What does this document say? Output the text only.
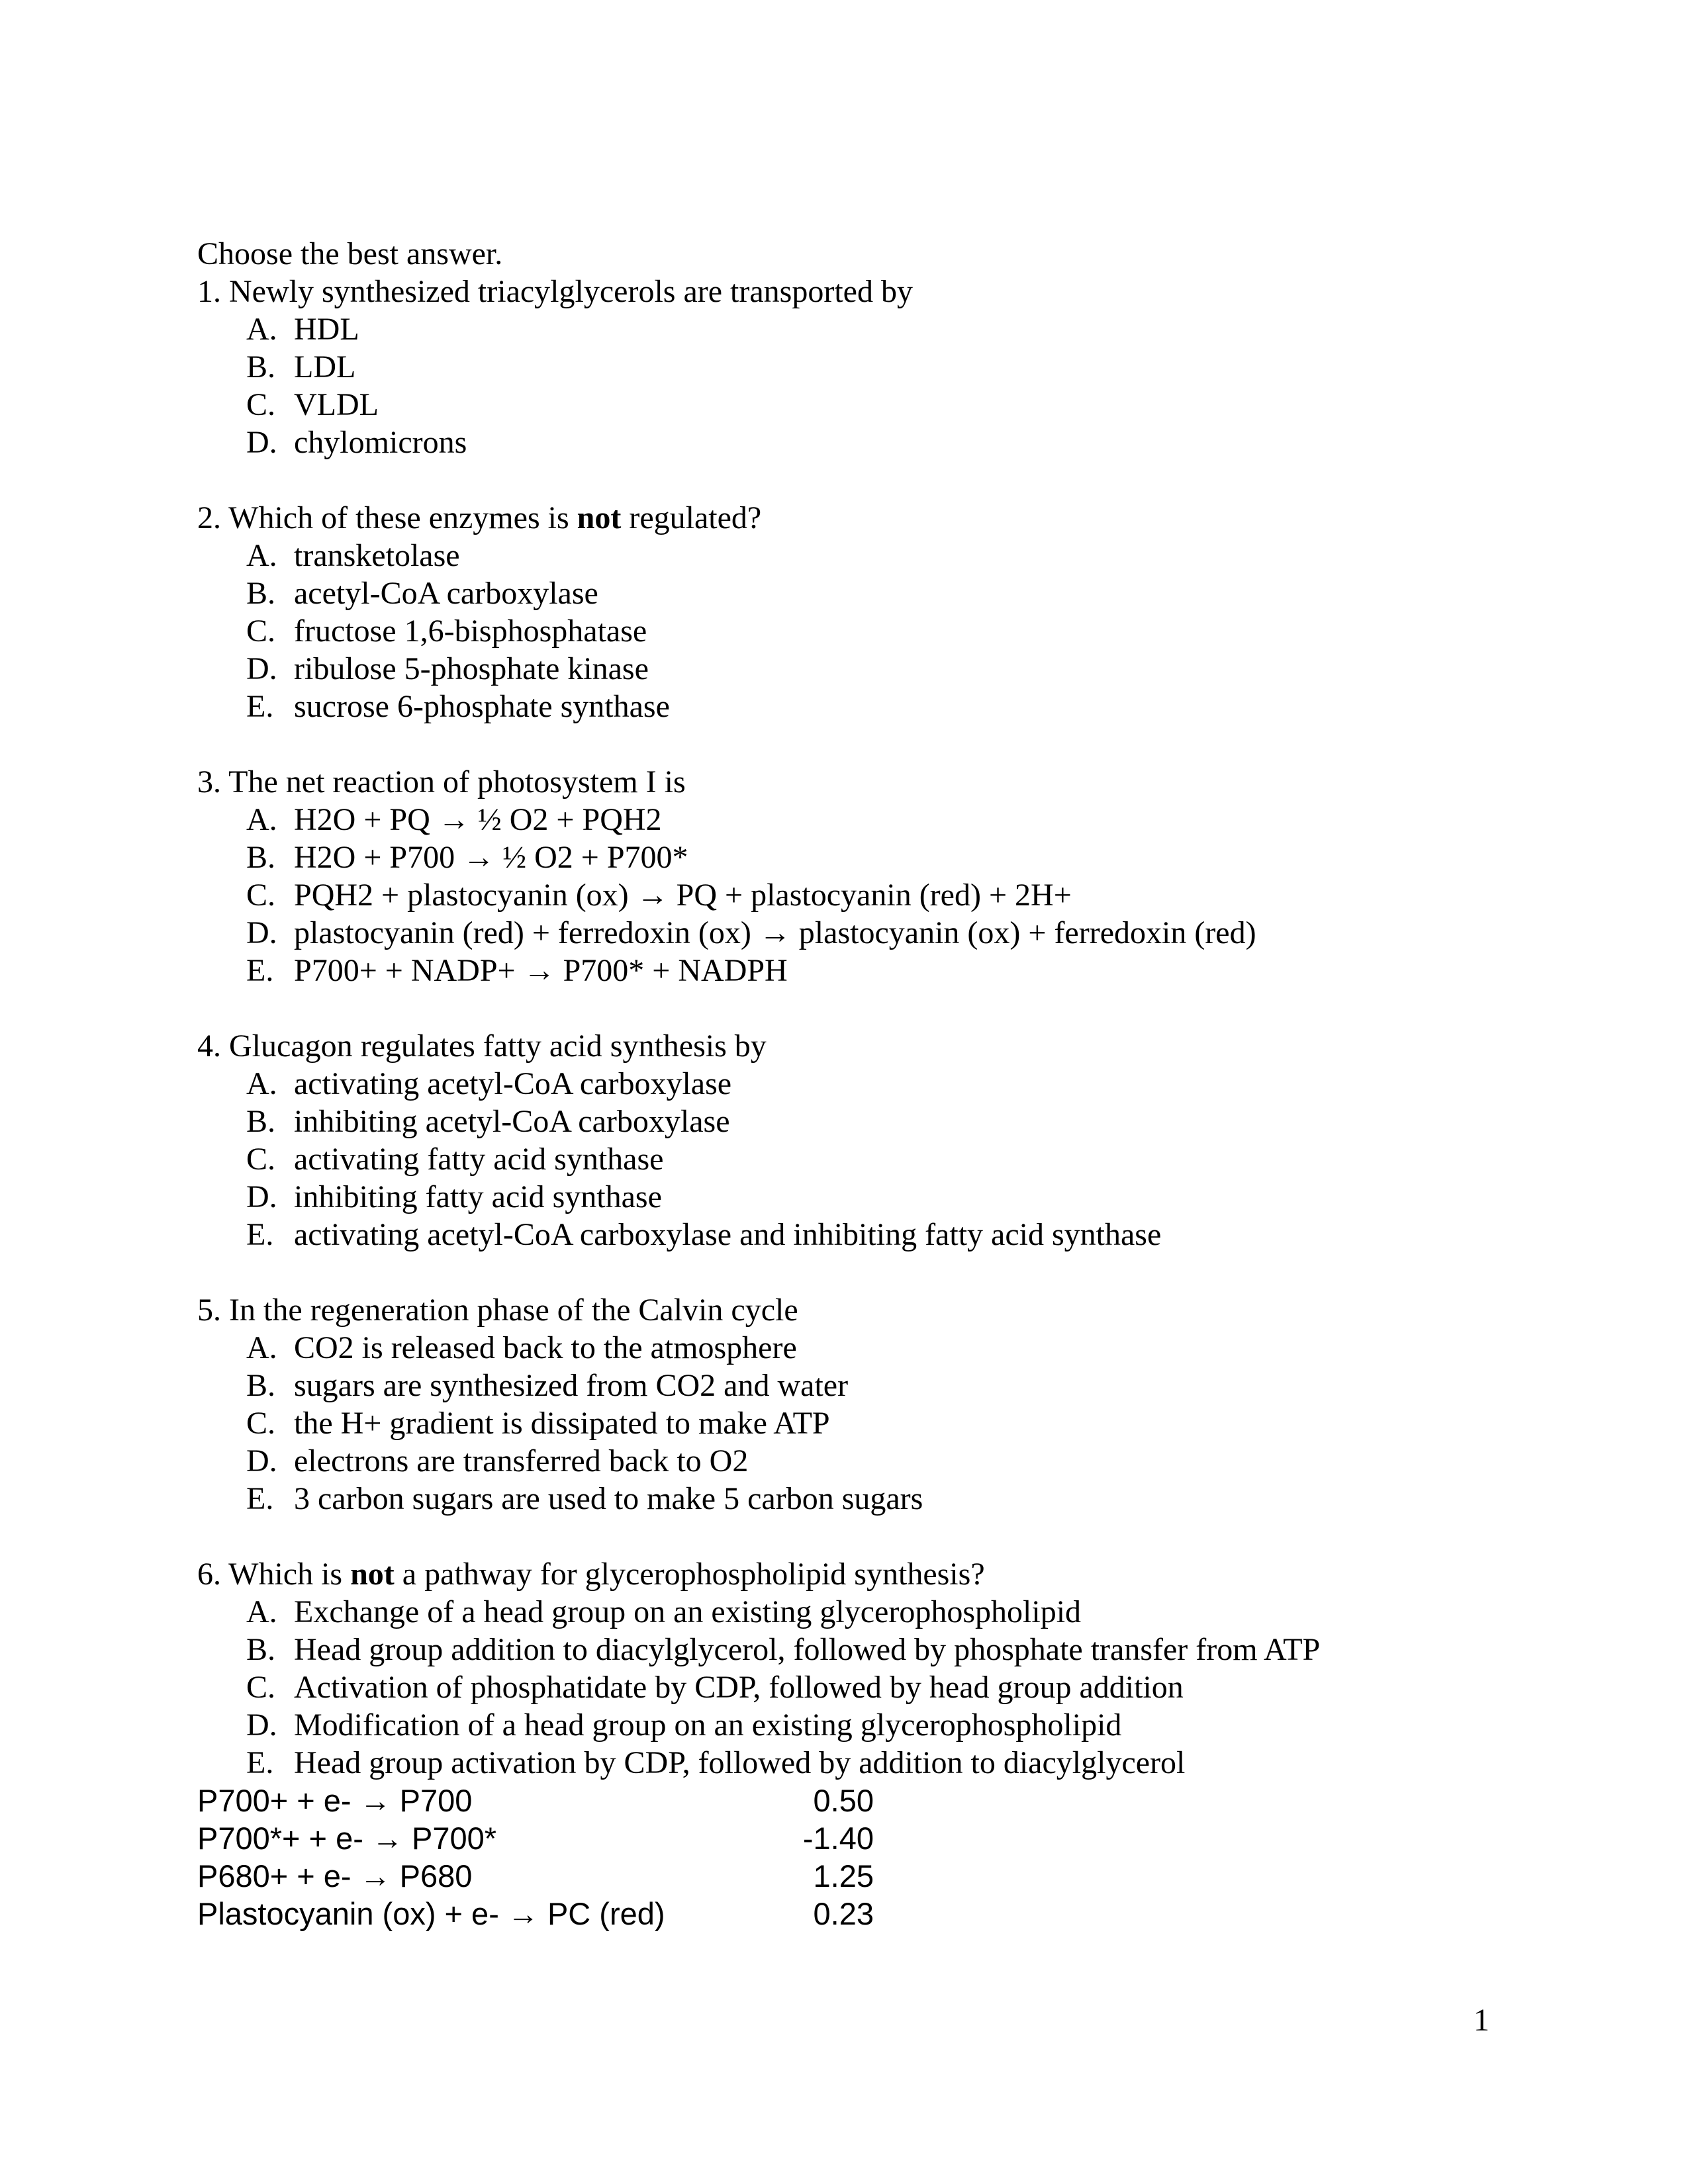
Choose the best answer.
1. Newly synthesized triacylglycerols are transported by
A. HDL
B. LDL
C. VLDL
D. chylomicrons
2. Which of these enzymes is not regulated?
A. transketolase
B. acetyl-CoA carboxylase
C. fructose 1,6-bisphosphatase
D. ribulose 5-phosphate kinase
E. sucrose 6-phosphate synthase
3. The net reaction of photosystem I is
A. H2O + PQ → ½ O2 + PQH2
B. H2O + P700 → ½ O2 + P700*
C. PQH2 + plastocyanin (ox) → PQ + plastocyanin (red) + 2H+
D. plastocyanin (red) + ferredoxin (ox) → plastocyanin (ox) + ferredoxin (red)
E. P700+ + NADP+ → P700* + NADPH
4. Glucagon regulates fatty acid synthesis by
A. activating acetyl-CoA carboxylase
B. inhibiting acetyl-CoA carboxylase
C. activating fatty acid synthase
D. inhibiting fatty acid synthase
E. activating acetyl-CoA carboxylase and inhibiting fatty acid synthase
5. In the regeneration phase of the Calvin cycle
A. CO2 is released back to the atmosphere
B. sugars are synthesized from CO2 and water
C. the H+ gradient is dissipated to make ATP
D. electrons are transferred back to O2
E. 3 carbon sugars are used to make 5 carbon sugars
6. Which is not a pathway for glycerophospholipid synthesis?
A. Exchange of a head group on an existing glycerophospholipid
B. Head group addition to diacylglycerol, followed by phosphate transfer from ATP
C. Activation of phosphatidate by CDP, followed by head group addition
D. Modification of a head group on an existing glycerophospholipid
E. Head group activation by CDP, followed by addition to diacylglycerol
P700+ + e- → P700	0.50
P700*+ + e- → P700*	-1.40
P680+ + e- → P680	1.25
Plastocyanin (ox) + e- → PC (red)	0.23
1
